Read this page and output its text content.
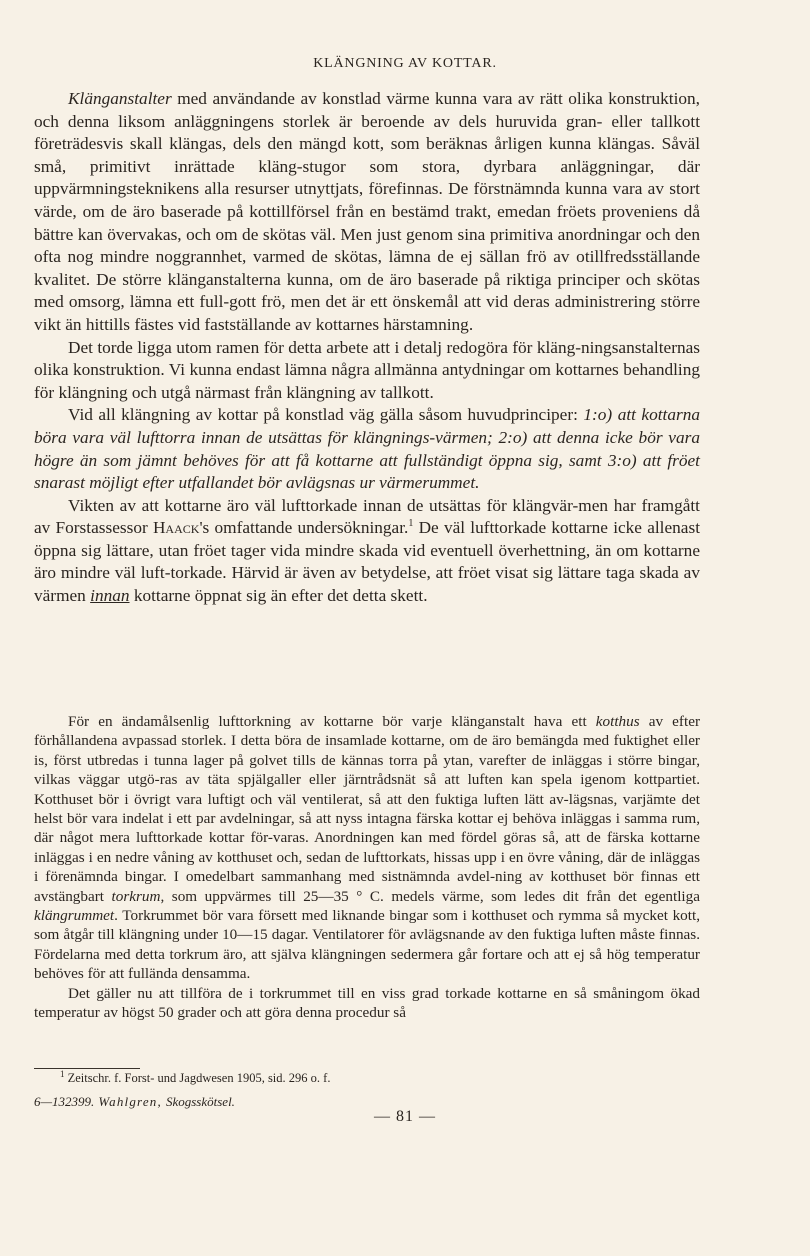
KLÄNGNING AV KOTTAR.

Klänganstalter med användande av konstlad värme kunna vara av rätt olika konstruktion, och denna liksom anläggningens storlek är beroende av dels huruvida gran- eller tallkott företrädesvis skall klängas, dels den mängd kott, som beräknas årligen kunna klängas. Såväl små, primitivt inrättade kläng-stugor som stora, dyrbara anläggningar, där uppvärmningsteknikens alla resurser utnyttjats, förefinnas. De förstnämnda kunna vara av stort värde, om de äro baserade på kottillförsel från en bestämd trakt, emedan fröets proveniens då bättre kan övervakas, och om de skötas väl. Men just genom sina primitiva anordningar och den ofta nog mindre noggrannhet, varmed de skötas, lämna de ej sällan frö av otillfredsställande kvalitet. De större klänganstalterna kunna, om de äro baserade på riktiga principer och skötas med omsorg, lämna ett full-gott frö, men det är ett önskemål att vid deras administrering större vikt än hittills fästes vid fastställande av kottarnes härstamning.

Det torde ligga utom ramen för detta arbete att i detalj redogöra för kläng-ningsanstalternas olika konstruktion. Vi kunna endast lämna några allmänna antydningar om kottarnes behandling för klängning och utgå närmast från klängning av tallkott.

Vid all klängning av kottar på konstlad väg gälla såsom huvudprinciper: 1:o) att kottarna böra vara väl lufttorra innan de utsättas för klängnings-värmen; 2:o) att denna icke bör vara högre än som jämnt behöves för att få kottarne att fullständigt öppna sig, samt 3:o) att fröet snarast möjligt efter utfallandet bör avlägsnas ur värmerummet.

Vikten av att kottarne äro väl lufttorkade innan de utsättas för klängvär-men har framgått av Forstassessor Haack's omfattande undersökningar.$^1$ De väl lufttorkade kottarne icke allenast öppna sig lättare, utan fröet tager vida mindre skada vid eventuell överhettning, än om kottarne äro mindre väl luft-torkade. Härvid är även av betydelse, att fröet visat sig lättare taga skada av värmen innan kottarne öppnat sig än efter det detta skett.

För en ändamålsenlig lufttorkning av kottarne bör varje klänganstalt hava ett kotthus av efter förhållandena avpassad storlek. I detta böra de insamlade kottarne, om de äro bemängda med fuktighet eller is, först utbredas i tunna lager på golvet tills de kännas torra på ytan, varefter de inläggas i större bingar, vilkas väggar utgö-ras av täta spjälgaller eller järntrådsnät så att luften kan spela igenom kottpartiet. Kotthuset bör i övrigt vara luftigt och väl ventilerat, så att den fuktiga luften lätt av-lägsnas, varjämte det helst bör vara indelat i ett par avdelningar, så att nyss intagna färska kottar ej behöva inläggas i samma rum, där något mera lufttorkade kottar för-varas. Anordningen kan med fördel göras så, att de färska kottarne inläggas i en nedre våning av kotthuset och, sedan de lufttorkats, hissas upp i en övre våning, där de inläggas i förenämnda bingar. I omedelbart sammanhang med sistnämnda avdel-ning av kotthuset bör finnas ett avstängbart torkrum, som uppvärmes till 25—35 ° C. medels värme, som ledes dit från det egentliga klängrummet. Torkrummet bör vara försett med liknande bingar som i kotthuset och rymma så mycket kott, som åtgår till klängning under 10—15 dagar. Ventilatorer för avlägsnande av den fuktiga luften måste finnas. Fördelarna med detta torkrum äro, att själva klängningen sedermera går fortare och att ej så hög temperatur behöves för att fullända densamma.

Det gäller nu att tillföra de i torkrummet till en viss grad torkade kottarne en så småningom ökad temperatur av högst 50 grader och att göra denna procedur så

$^1$ Zeitschr. f. Forst- und Jagdwesen 1905, sid. 296 o. f.
6—132399. Wahlgren, Skogsskötsel.
— 81 —
